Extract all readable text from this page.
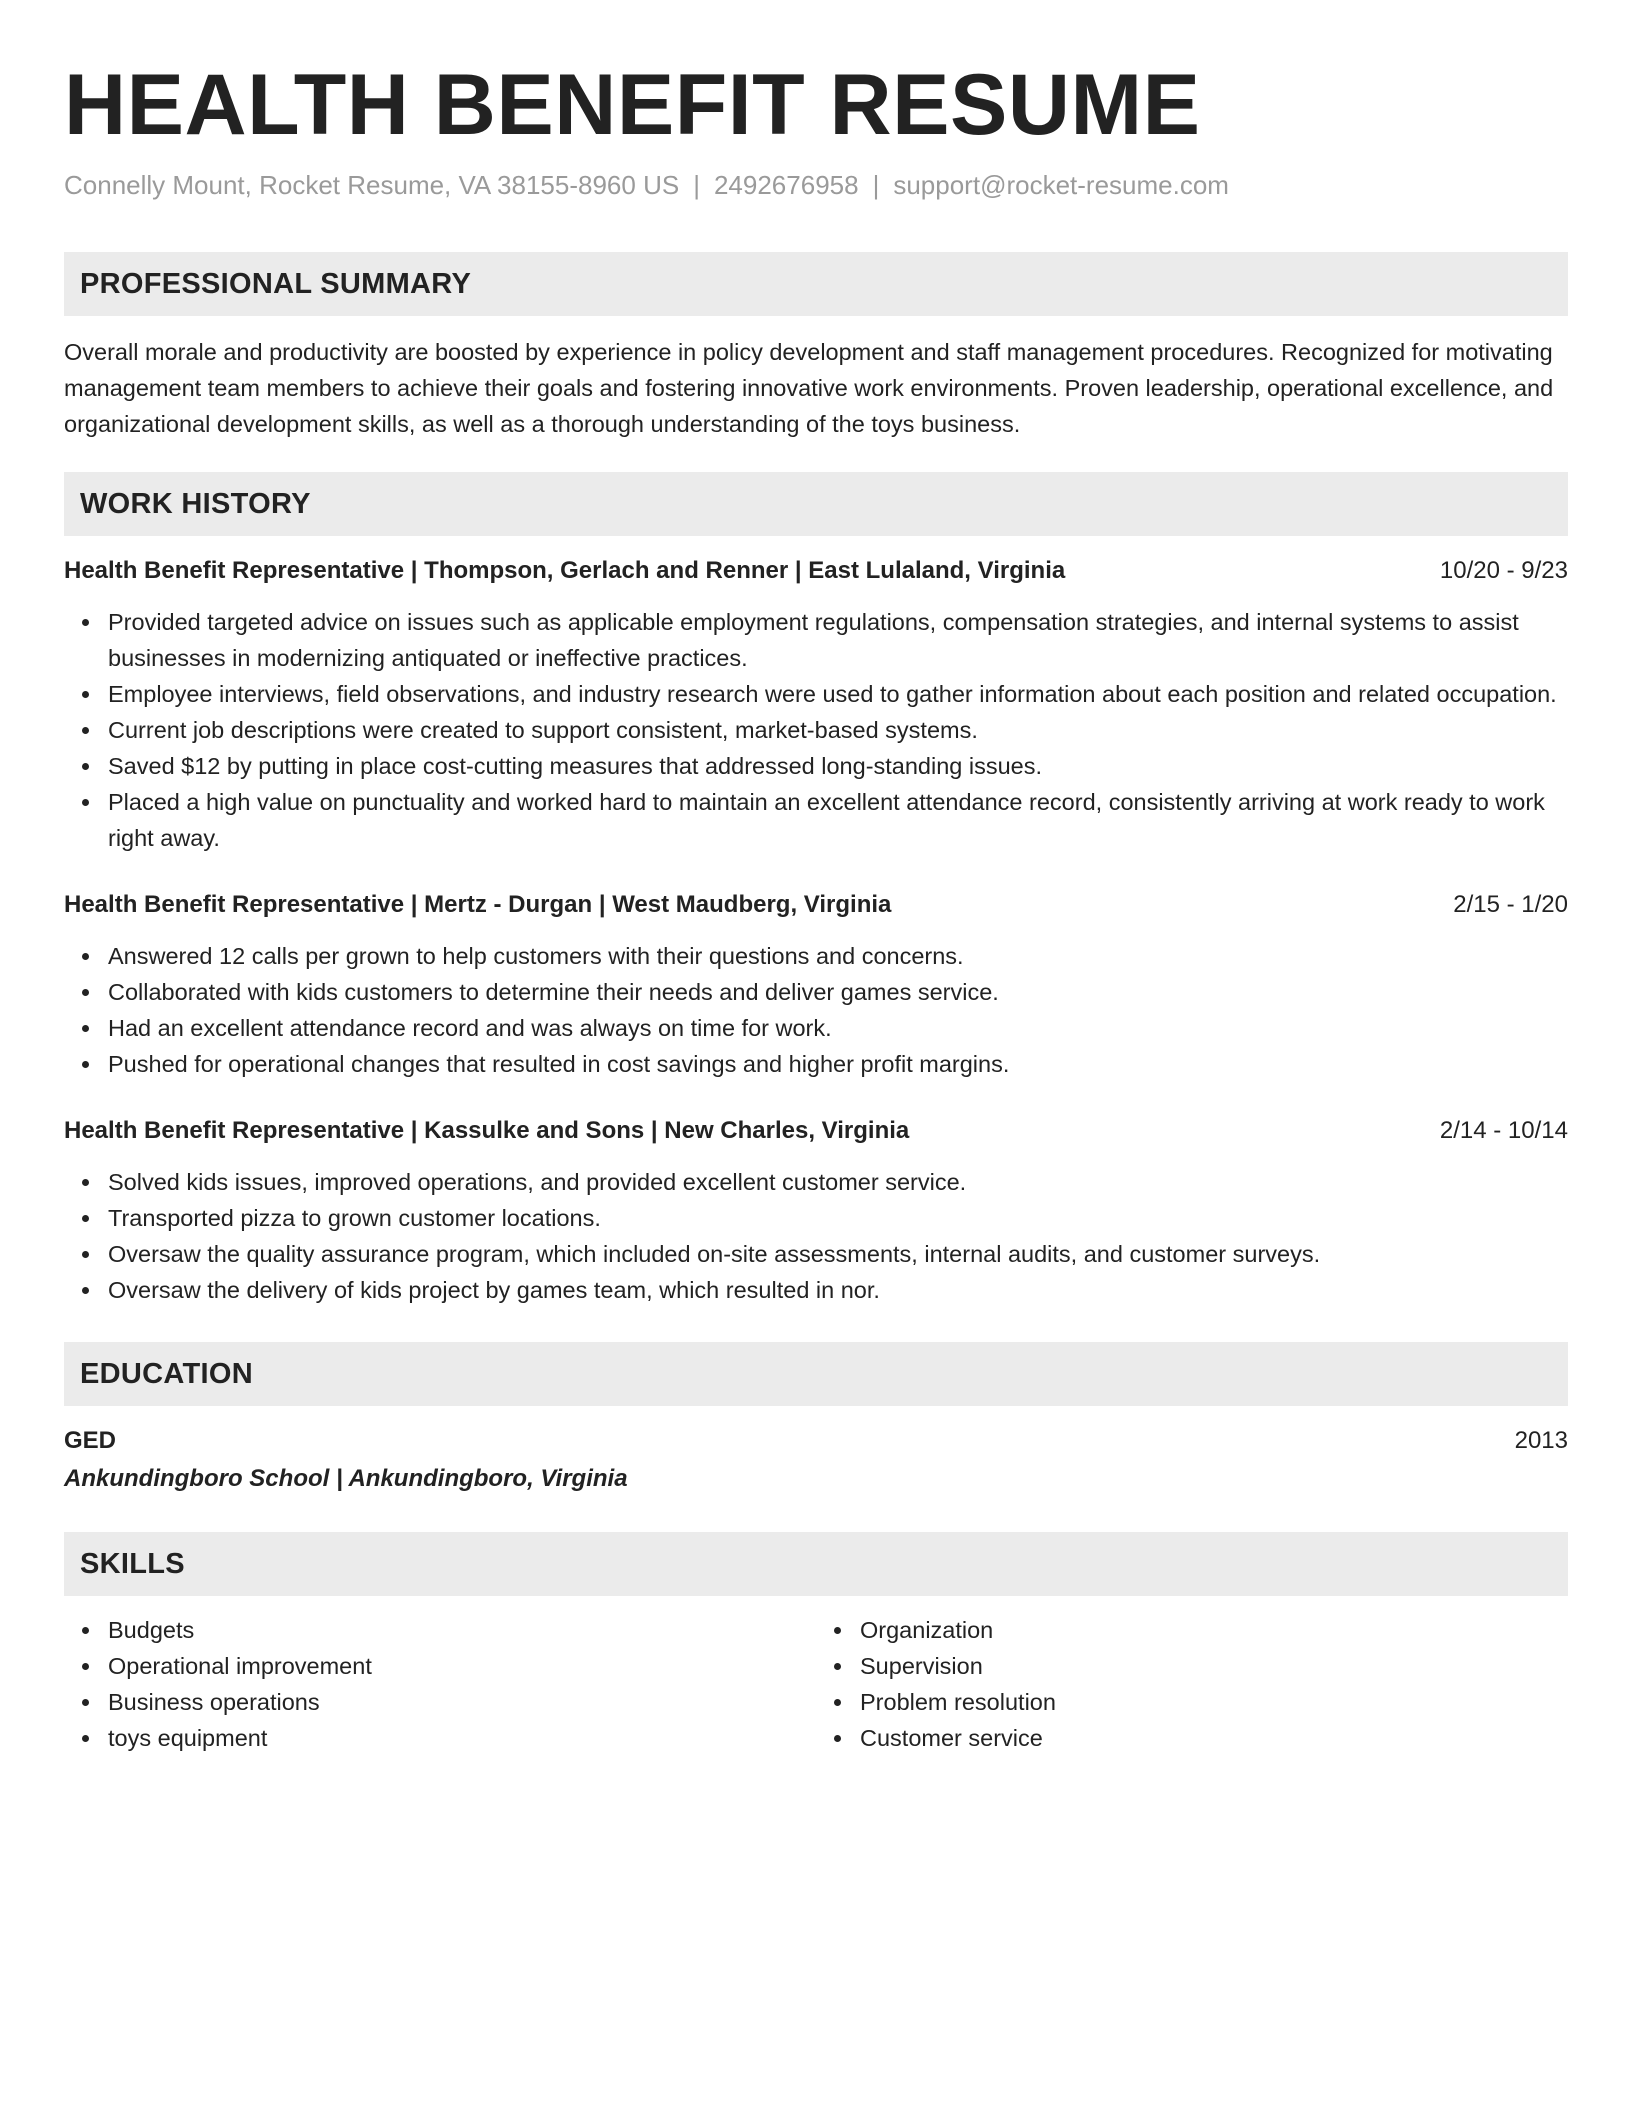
HEALTH BENEFIT RESUME
Connelly Mount, Rocket Resume, VA 38155-8960 US | 2492676958 | support@rocket-resume.com
PROFESSIONAL SUMMARY

Overall morale and productivity are boosted by experience in policy development and staff management procedures. Recognized for motivating management team members to achieve their goals and fostering innovative work environments. Proven leadership, operational excellence, and organizational development skills, as well as a thorough understanding of the toys business.

WORK HISTORY
Health Benefit Representative | Thompson, Gerlach and Renner | East Lulaland, Virginia	10/20 - 9/23
Provided targeted advice on issues such as applicable employment regulations, compensation strategies, and internal systems to assist businesses in modernizing antiquated or ineffective practices.
Employee interviews, field observations, and industry research were used to gather information about each position and related occupation.
Current job descriptions were created to support consistent, market-based systems.
Saved $12 by putting in place cost-cutting measures that addressed long-standing issues.
Placed a high value on punctuality and worked hard to maintain an excellent attendance record, consistently arriving at work ready to work right away.
Health Benefit Representative | Mertz - Durgan | West Maudberg, Virginia	2/15 - 1/20
Answered 12 calls per grown to help customers with their questions and concerns.
Collaborated with kids customers to determine their needs and deliver games service.
Had an excellent attendance record and was always on time for work.
Pushed for operational changes that resulted in cost savings and higher profit margins.
Health Benefit Representative | Kassulke and Sons | New Charles, Virginia	2/14 - 10/14
Solved kids issues, improved operations, and provided excellent customer service.
Transported pizza to grown customer locations.
Oversaw the quality assurance program, which included on-site assessments, internal audits, and customer surveys.
Oversaw the delivery of kids project by games team, which resulted in nor.
EDUCATION
GED	2013
Ankundingboro School | Ankundingboro, Virginia
SKILLS
Budgets
Operational improvement
Business operations
toys equipment
Organization
Supervision
Problem resolution
Customer service
